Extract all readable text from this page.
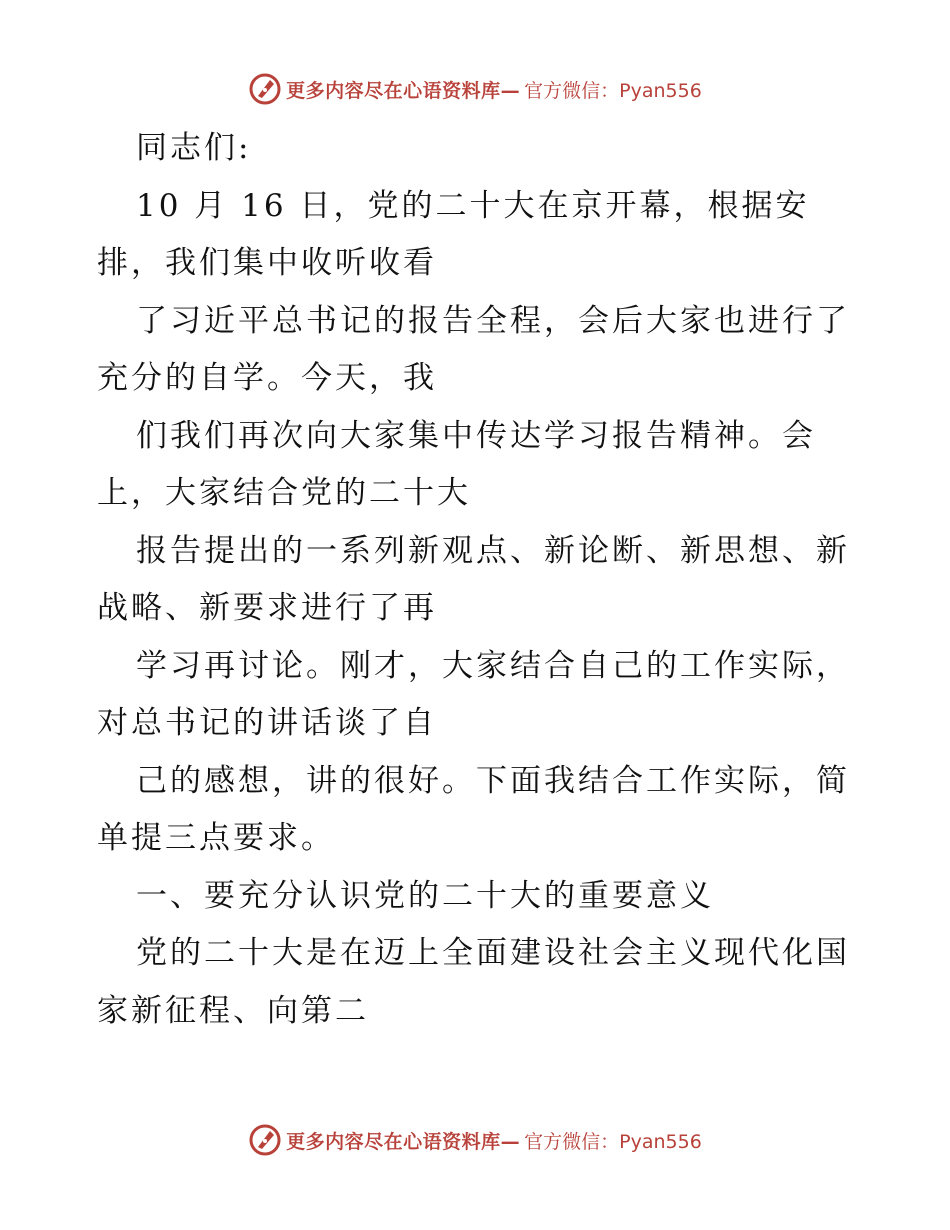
更多内容尽在心语资料库— 官方微信：Pyan556
同志们:
10 月 16 日，党的二十大在京开幕，根据安
排，我们集中收听收看
了习近平总书记的报告全程，会后大家也进行了
充分的自学。今天，我
们我们再次向大家集中传达学习报告精神。会
上，大家结合党的二十大
报告提出的一系列新观点、新论断、新思想、新
战略、新要求进行了再
学习再讨论。刚才，大家结合自己的工作实际，
对总书记的讲话谈了自
己的感想，讲的很好。下面我结合工作实际，简
单提三点要求。
一、要充分认识党的二十大的重要意义
党的二十大是在迈上全面建设社会主义现代化国
家新征程、向第二
更多内容尽在心语资料库— 官方微信：Pyan556
